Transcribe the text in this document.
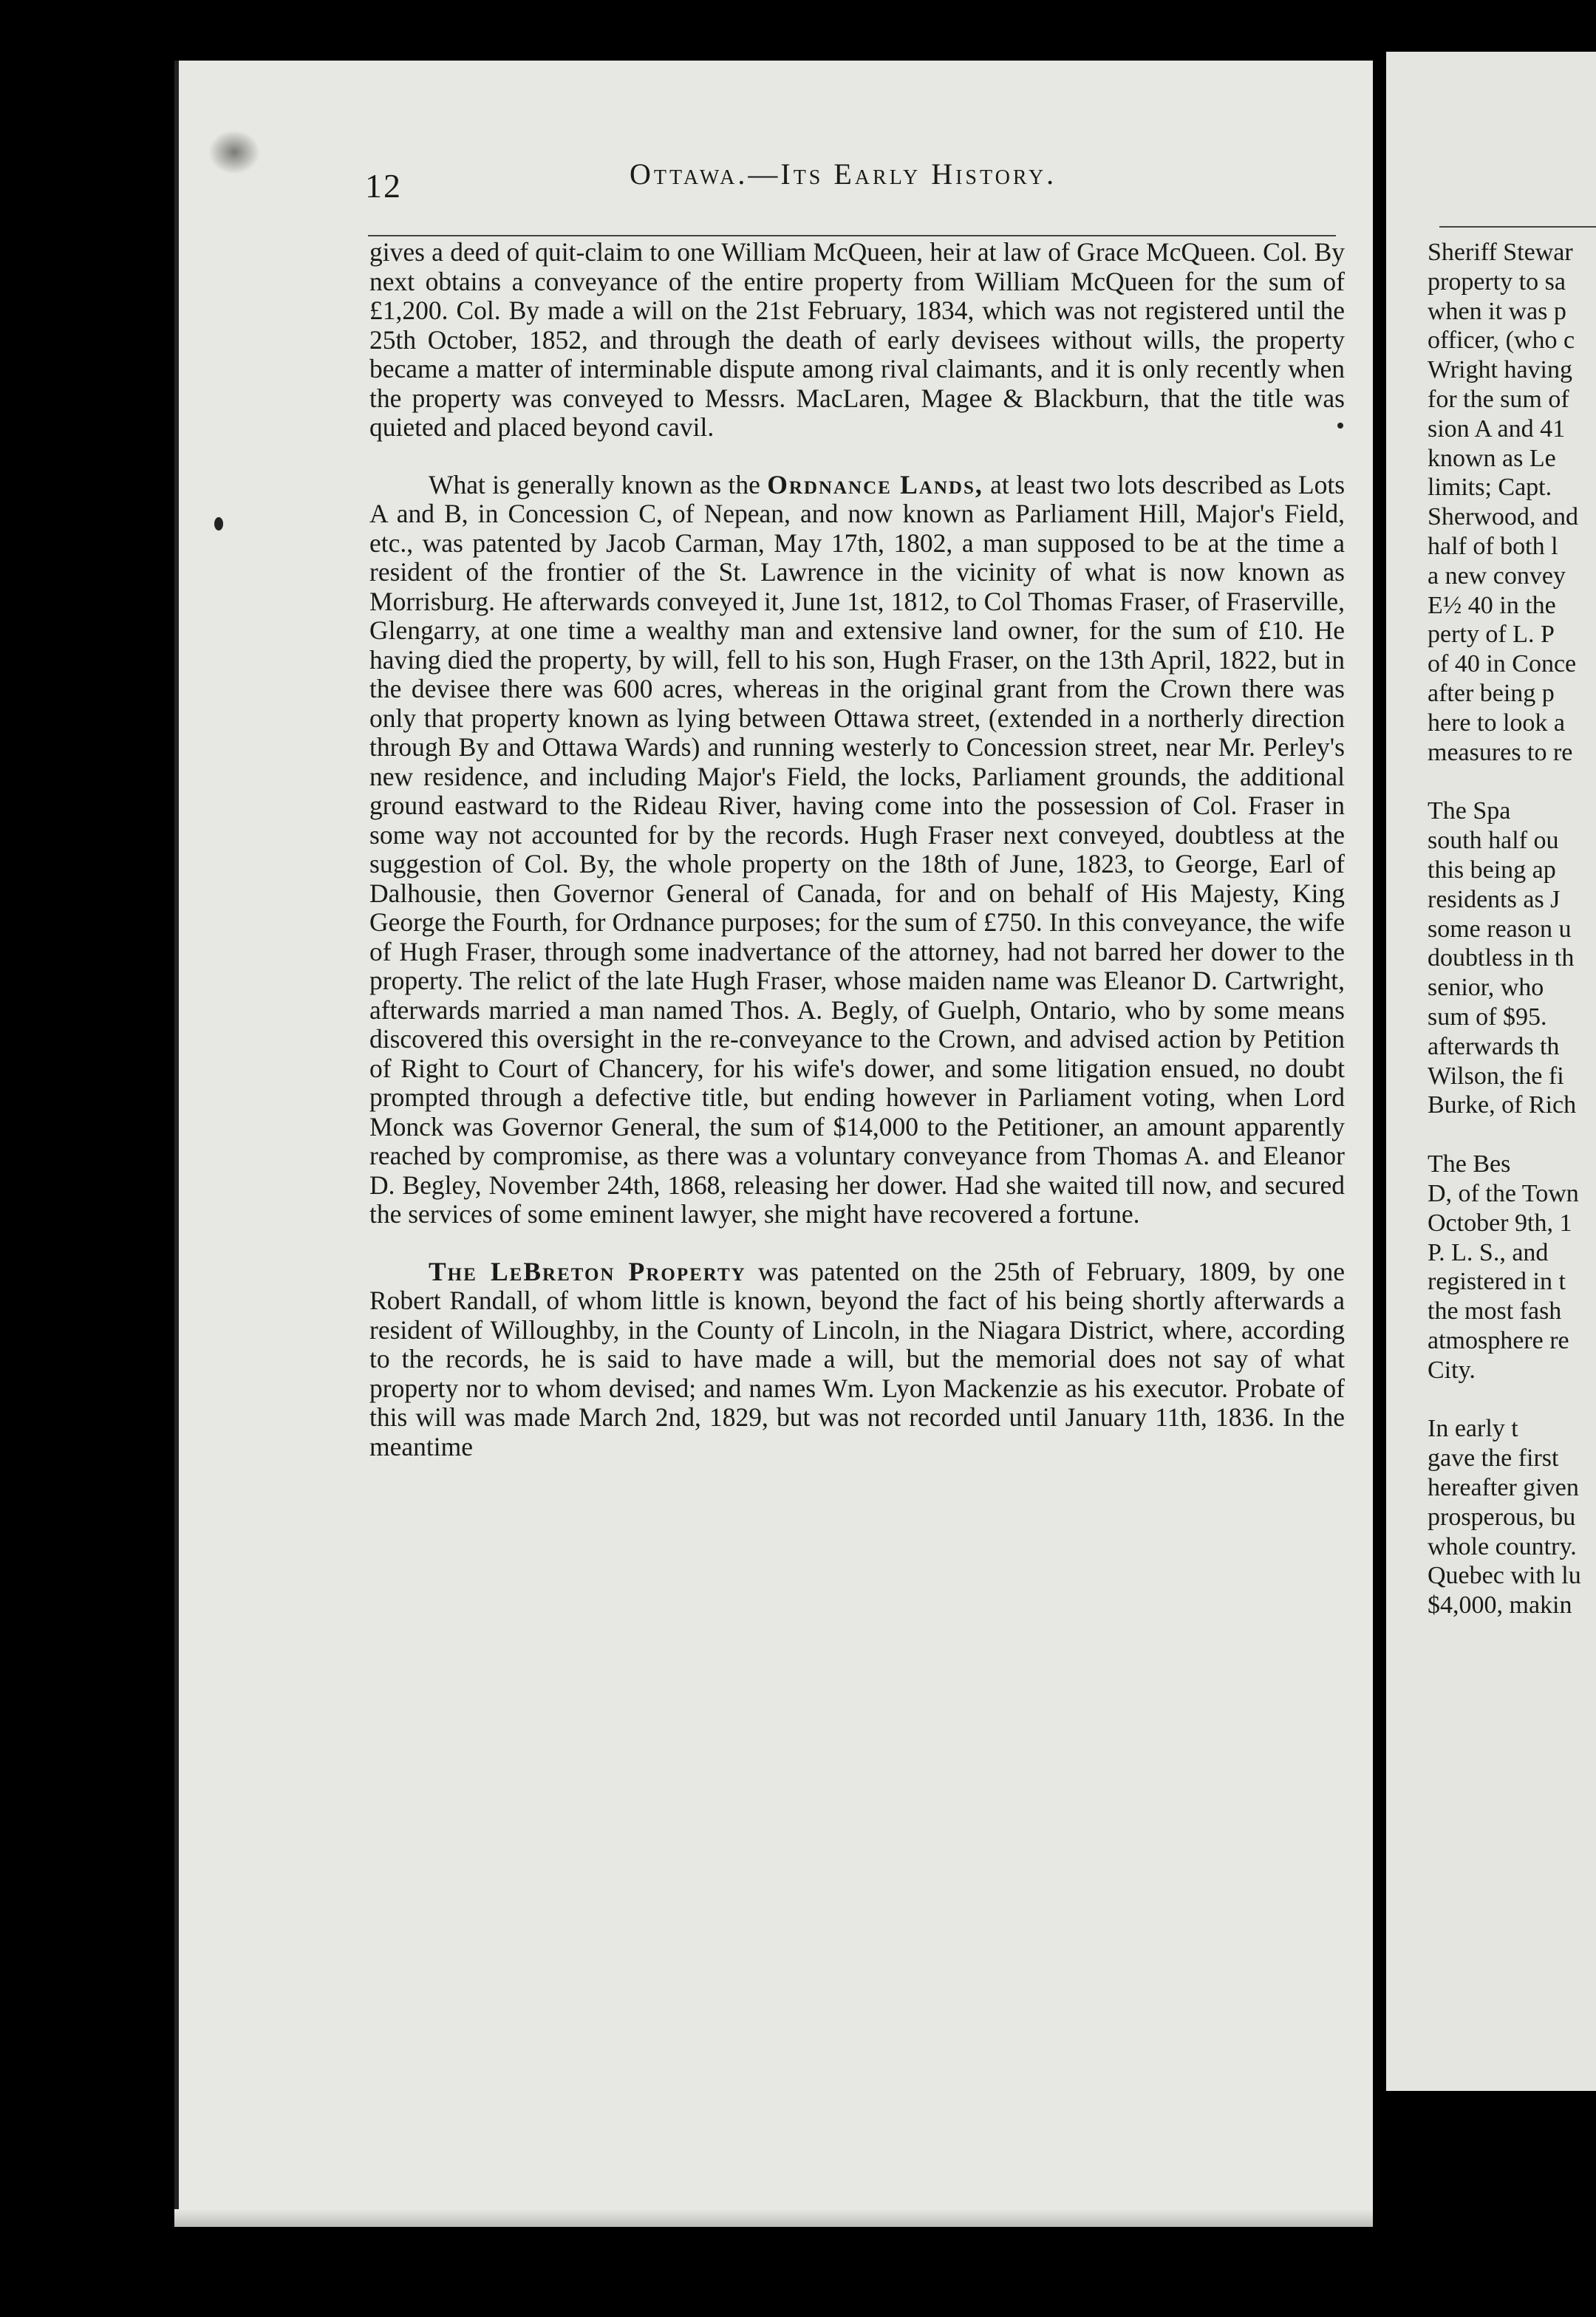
12	Ottawa.—Its Early History.

gives a deed of quit-claim to one William McQueen, heir at law of Grace McQueen. Col. By next obtains a conveyance of the entire property from William McQueen for the sum of £1,200. Col. By made a will on the 21st February, 1834, which was not registered until the 25th October, 1852, and through the death of early devisees without wills, the property became a matter of interminable dispute among rival claimants, and it is only recently when the property was conveyed to Messrs. MacLaren, Magee & Blackburn, that the title was quieted and placed beyond cavil.

What is generally known as the Ordnance Lands, at least two lots described as Lots A and B, in Concession C, of Nepean, and now known as Parliament Hill, Major's Field, etc., was patented by Jacob Carman, May 17th, 1802, a man supposed to be at the time a resident of the frontier of the St. Lawrence in the vicinity of what is now known as Morrisburg. He afterwards conveyed it, June 1st, 1812, to Col Thomas Fraser, of Fraserville, Glengarry, at one time a wealthy man and extensive land owner, for the sum of £10. He having died the property, by will, fell to his son, Hugh Fraser, on the 13th April, 1822, but in the devisee there was 600 acres, whereas in the original grant from the Crown there was only that property known as lying between Ottawa street, (extended in a northerly direction through By and Ottawa Wards) and running westerly to Concession street, near Mr. Perley's new residence, and including Major's Field, the locks, Parliament grounds, the additional ground eastward to the Rideau River, having come into the possession of Col. Fraser in some way not accounted for by the records. Hugh Fraser next conveyed, doubtless at the suggestion of Col. By, the whole property on the 18th of June, 1823, to George, Earl of Dalhousie, then Governor General of Canada, for and on behalf of His Majesty, King George the Fourth, for Ordnance purposes; for the sum of £750. In this conveyance, the wife of Hugh Fraser, through some inadvertance of the attorney, had not barred her dower to the property. The relict of the late Hugh Fraser, whose maiden name was Eleanor D. Cartwright, afterwards married a man named Thos. A. Begly, of Guelph, Ontario, who by some means discovered this oversight in the re-conveyance to the Crown, and advised action by Petition of Right to Court of Chancery, for his wife's dower, and some litigation ensued, no doubt prompted through a defective title, but ending however in Parliament voting, when Lord Monck was Governor General, the sum of $14,000 to the Petitioner, an amount apparently reached by compromise, as there was a voluntary conveyance from Thomas A. and Eleanor D. Begley, November 24th, 1868, releasing her dower. Had she waited till now, and secured the services of some eminent lawyer, she might have recovered a fortune.

The LeBreton Property was patented on the 25th of February, 1809, by one Robert Randall, of whom little is known, beyond the fact of his being shortly afterwards a resident of Willoughby, in the County of Lincoln, in the Niagara District, where, according to the records, he is said to have made a will, but the memorial does not say of what property nor to whom devised; and names Wm. Lyon Mackenzie as his executor. Probate of this will was made March 2nd, 1829, but was not recorded until January 11th, 1836. In the meantime

Sheriff Stewar
property to sa
when it was p
officer, (who c
Wright having
for the sum of
sion A and 41
known as Le
limits; Capt.
Sherwood, and
half of both l
a new convey
E½ 40 in the
perty of L. P
of 40 in Conce
after being p
here to look a
measures to re
The Spa
south half ou
this being ap
residents as J
some reason u
doubtless in th
senior, who
sum of $95.
afterwards th
Wilson, the fi
Burke, of Rich
The Bes
D, of the Town
October 9th, 1
P. L. S., and
registered in t
the most fash
atmosphere re
City.
In early t
gave the first
hereafter given
prosperous, bu
whole country.
Quebec with lu
$4,000, makin
